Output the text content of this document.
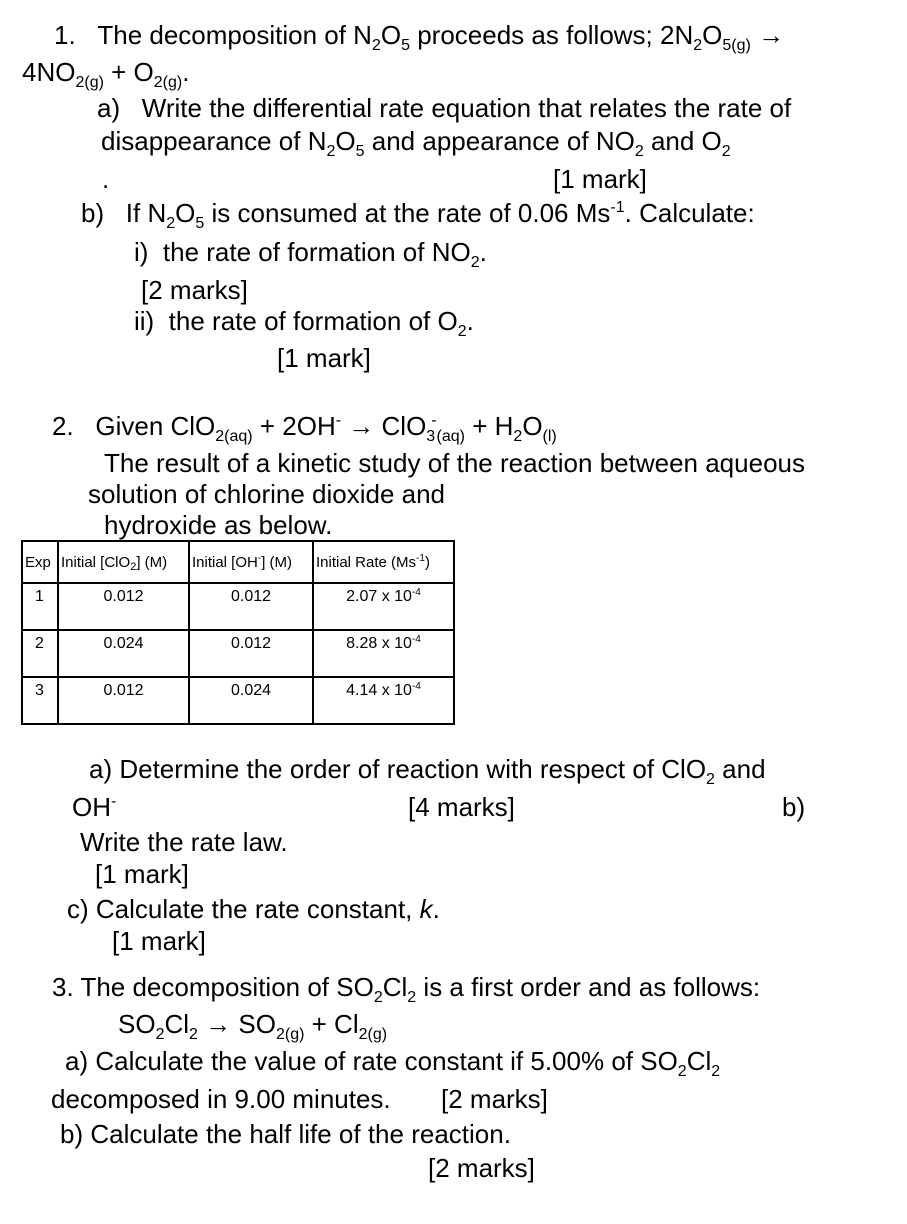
1. The decomposition of $N_2O_5$ proceeds as follows; $2N_2O_{5(g)}$ →
$4NO_{2(g)} + O_{2(g)}$.
a) Write the differential rate equation that relates the rate of
disappearance of $N_2O_5$ and appearance of $NO_2$ and $O_2$
.	[1 mark]
b) If $N_2O_5$ is consumed at the rate of 0.06 $Ms^{-1}$. Calculate:
i) the rate of formation of $NO_2$.
[2 marks]
ii) the rate of formation of $O_2$.
[1 mark]
2. Given $ClO_{2(aq)} + 2OH^- \to ClO_3^-_{(aq)} + H_2O_{(l)}$
The result of a kinetic study of the reaction between aqueous
solution of chlorine dioxide and
hydroxide as below.
Exp	Initial [ClO$_2$] (M)	Initial [OH-] (M)	Initial Rate $(Ms^{-1})$
1	0.012	0.012	2.07 x $10^{-4}$
2	0.024	0.012	8.28 x $10^{-4}$
3	0.012	0.024	4.14 x $10^{-4}$
a) Determine the order of reaction with respect of ClO$_2$ and
OH-	[4 marks]	b)
Write the rate law.
[1 mark]
c) Calculate the rate constant, k.
[1 mark]
3. The decomposition of $SO_2Cl_2$ is a first order and as follows:
$SO_2Cl_2 \to SO_{2(g)} + Cl_{2(g)}$
a) Calculate the value of rate constant if 5.00% of $SO_2Cl_2$
decomposed in 9.00 minutes. [2 marks]
b) Calculate the half life of the reaction.
[2 marks]
